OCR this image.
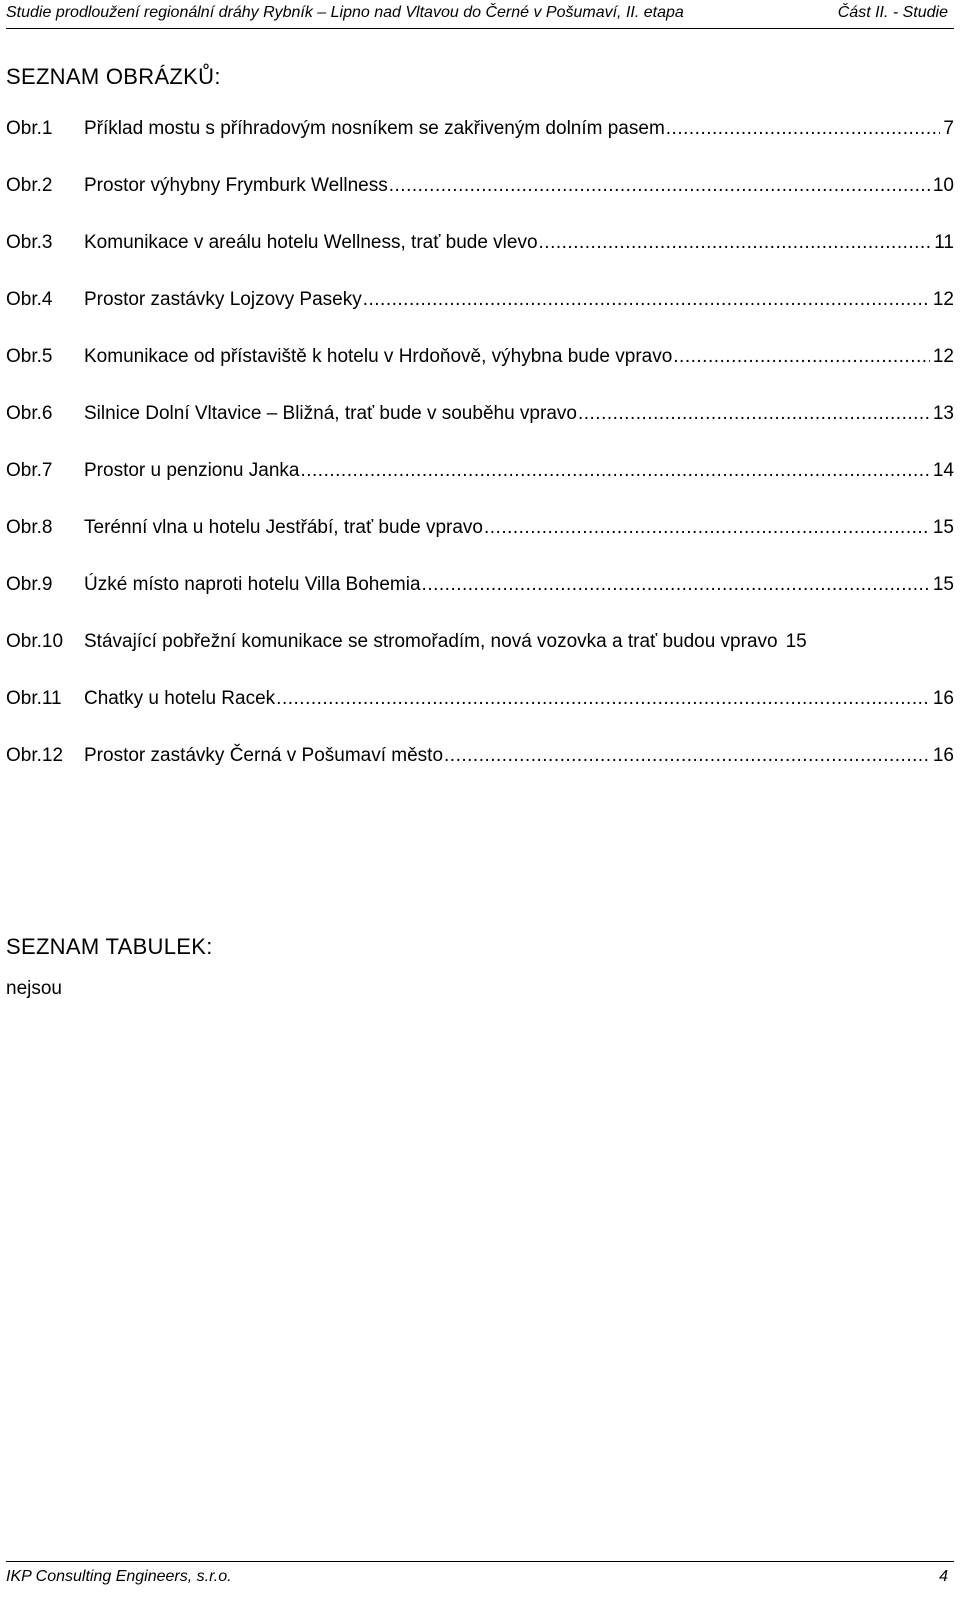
Studie prodloužení regionální dráhy Rybník – Lipno nad Vltavou do Černé v Pošumaví, II. etapa	Část II. - Studie
SEZNAM OBRÁZKŮ:
Obr.1	Příklad mostu s příhradovým nosníkem se zakřiveným dolním pasem .....	7
Obr.2	Prostor výhybny Frymburk Wellness .....	10
Obr.3	Komunikace v areálu hotelu Wellness, trať bude vlevo .....	11
Obr.4	Prostor zastávky Lojzovy Paseky .....	12
Obr.5	Komunikace od přístaviště k hotelu v Hrdoňově, výhybna bude vpravo .....	12
Obr.6	Silnice Dolní Vltavice – Bližná, trať bude v souběhu vpravo .....	13
Obr.7	Prostor u penzionu Janka .....	14
Obr.8	Terénní vlna u hotelu Jestřábí, trať bude vpravo .....	15
Obr.9	Úzké místo naproti hotelu Villa Bohemia .....	15
Obr.10	Stávající pobřežní komunikace se stromořadím, nová vozovka a trať budou vpravo 15
Obr.11	Chatky u hotelu Racek .....	16
Obr.12	Prostor zastávky Černá v Pošumaví město .....	16
SEZNAM TABULEK:
nejsou
IKP Consulting Engineers, s.r.o.	4
